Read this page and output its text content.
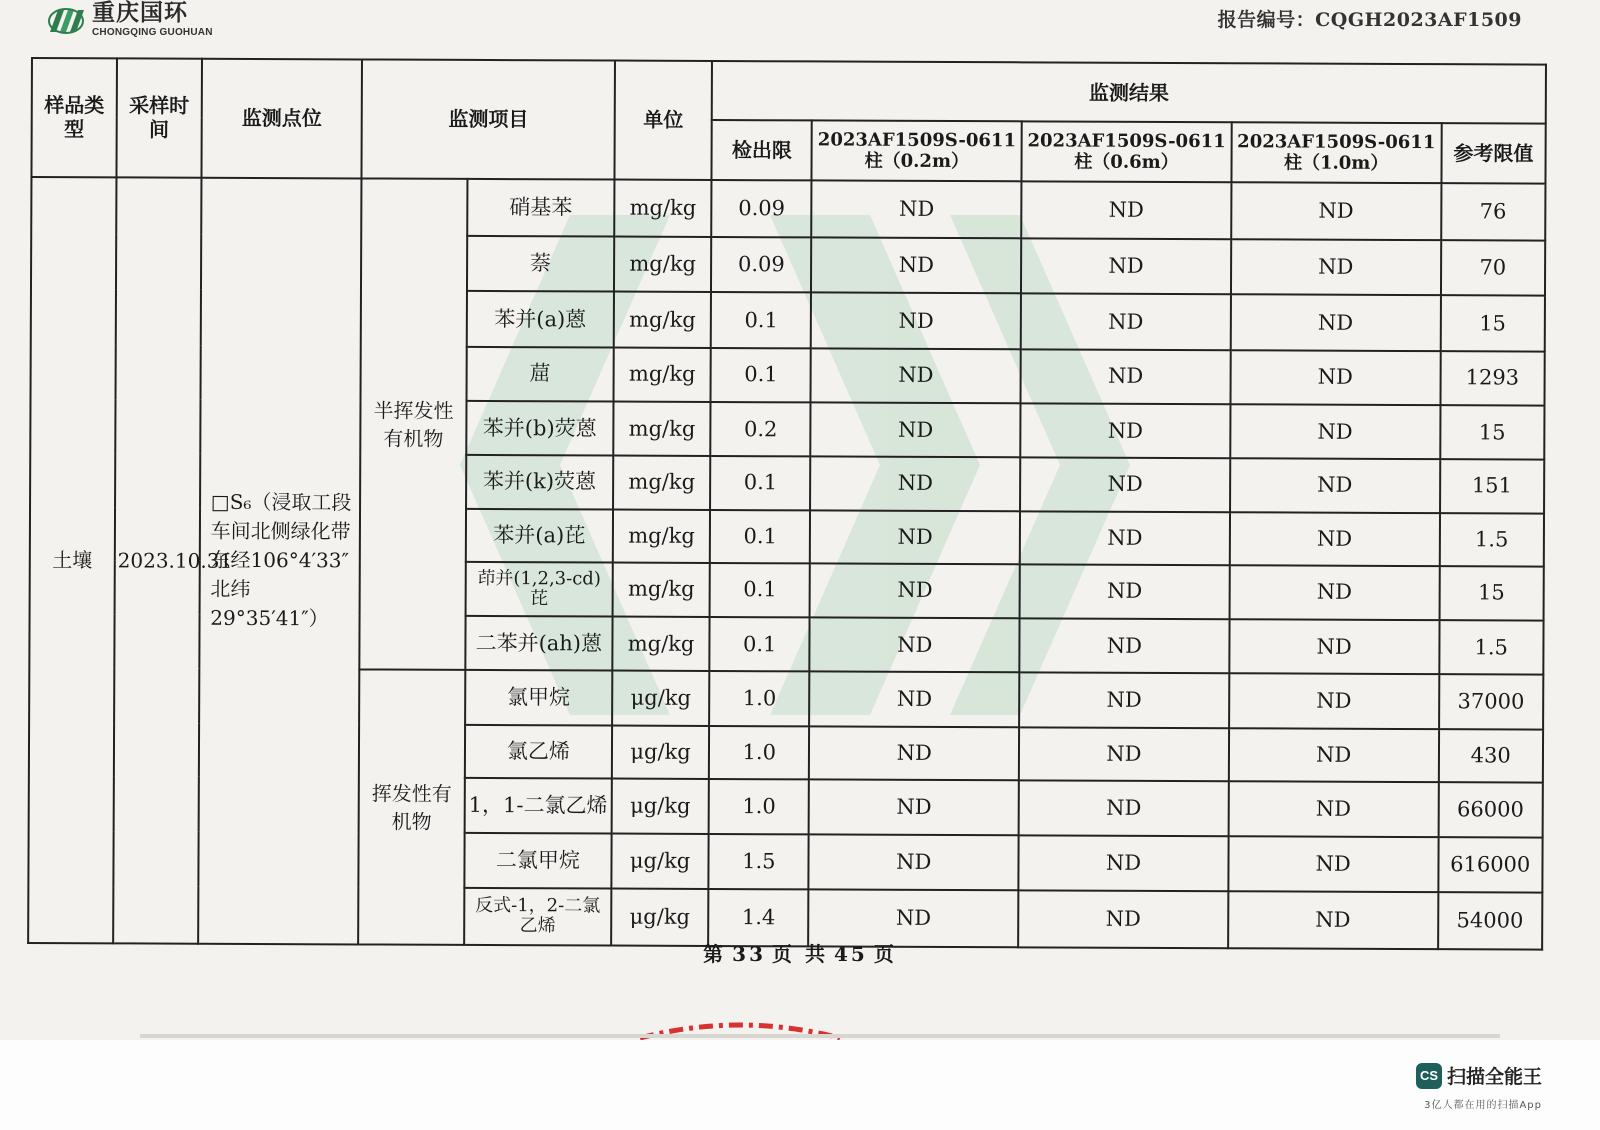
重庆国环
CHONGQING GUOHUAN
报告编号：CQGH2023AF1509
样品类型	采样时间	监测点位	监测项目		单位	监测结果				
						检出限	2023AF1509S-0611柱（0.2m）	2023AF1509S-0611柱（0.6m）	2023AF1509S-0611柱（1.0m）	参考限值
土壤	2023.10.31	□S₆（浸取工段车间北侧绿化带 东经106°4′33″ 北纬 29°35′41″）	半挥发性有机物	硝基苯	mg/kg	0.09	ND	ND	ND	76
				萘	mg/kg	0.09	ND	ND	ND	70
				苯并(a)蒽	mg/kg	0.1	ND	ND	ND	15
				䓛	mg/kg	0.1	ND	ND	ND	1293
				苯并(b)荧蒽	mg/kg	0.2	ND	ND	ND	15
				苯并(k)荧蒽	mg/kg	0.1	ND	ND	ND	151
				苯并(a)芘	mg/kg	0.1	ND	ND	ND	1.5
				茚并(1,2,3-cd)芘	mg/kg	0.1	ND	ND	ND	15
				二苯并(ah)蒽	mg/kg	0.1	ND	ND	ND	1.5
			挥发性有机物	氯甲烷	μg/kg	1.0	ND	ND	ND	37000
				氯乙烯	μg/kg	1.0	ND	ND	ND	430
				1，1-二氯乙烯	μg/kg	1.0	ND	ND	ND	66000
				二氯甲烷	μg/kg	1.5	ND	ND	ND	616000
				反式-1，2-二氯乙烯	μg/kg	1.4	ND	ND	ND	54000
第 33 页 共 45 页
CS 扫描全能王
3亿人都在用的扫描App
